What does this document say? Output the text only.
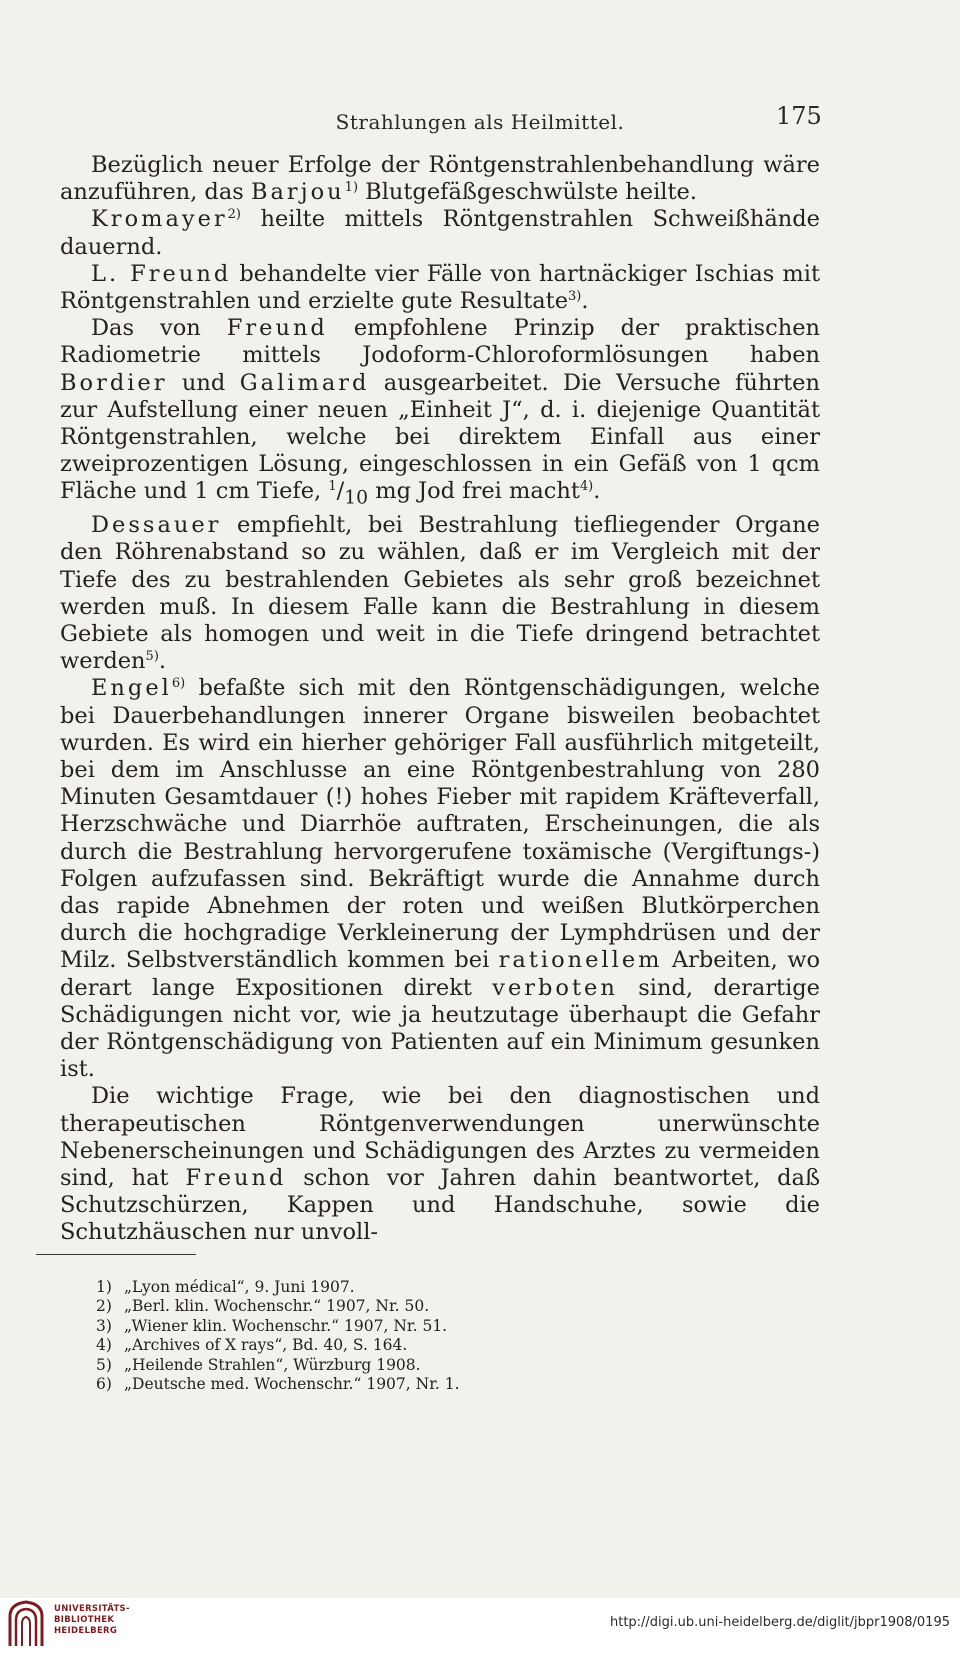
Strahlungen als Heilmittel.	175

Bezüglich neuer Erfolge der Röntgenstrahlenbehandlung wäre anzuführen, das Barjou$^{1)}$ Blutgefäßgeschwülste heilte.

Kromayer$^{2)}$ heilte mittels Röntgenstrahlen Schweißhände dauernd.

L. Freund behandelte vier Fälle von hartnäckiger Ischias mit Röntgenstrahlen und erzielte gute Resultate$^{3)}$.

Das von Freund empfohlene Prinzip der praktischen Radiometrie mittels Jodoform-Chloroformlösungen haben Bordier und Galimard ausgearbeitet. Die Versuche führten zur Aufstellung einer neuen „Einheit J“, d. i. diejenige Quantität Röntgenstrahlen, welche bei direktem Einfall aus einer zweiprozentigen Lösung, eingeschlossen in ein Gefäß von 1 qcm Fläche und 1 cm Tiefe, $^1/_{10}$ mg Jod frei macht$^{4)}$.

Dessauer empfiehlt, bei Bestrahlung tiefliegender Organe den Röhrenabstand so zu wählen, daß er im Vergleich mit der Tiefe des zu bestrahlenden Gebietes als sehr groß bezeichnet werden muß. In diesem Falle kann die Bestrahlung in diesem Gebiete als homogen und weit in die Tiefe dringend betrachtet werden$^{5)}$.

Engel$^{6)}$ befaßte sich mit den Röntgenschädigungen, welche bei Dauerbehandlungen innerer Organe bisweilen beobachtet wurden. Es wird ein hierher gehöriger Fall ausführlich mitgeteilt, bei dem im Anschlusse an eine Röntgenbestrahlung von 280 Minuten Gesamtdauer (!) hohes Fieber mit rapidem Kräfteverfall, Herzschwäche und Diarrhöe auftraten, Erscheinungen, die als durch die Bestrahlung hervorgerufene toxämische (Vergiftungs-) Folgen aufzufassen sind. Bekräftigt wurde die Annahme durch das rapide Abnehmen der roten und weißen Blutkörperchen durch die hochgradige Verkleinerung der Lymphdrüsen und der Milz. Selbstverständlich kommen bei rationellem Arbeiten, wo derart lange Expositionen direkt verboten sind, derartige Schädigungen nicht vor, wie ja heutzutage überhaupt die Gefahr der Röntgenschädigung von Patienten auf ein Minimum gesunken ist.

Die wichtige Frage, wie bei den diagnostischen und therapeutischen Röntgenverwendungen unerwünschte Nebenerscheinungen und Schädigungen des Arztes zu vermeiden sind, hat Freund schon vor Jahren dahin beantwortet, daß Schutzschürzen, Kappen und Handschuhe, sowie die Schutzhäuschen nur unvoll-

1) „Lyon médical“, 9. Juni 1907.
2) „Berl. klin. Wochenschr.“ 1907, Nr. 50.
3) „Wiener klin. Wochenschr.“ 1907, Nr. 51.
4) „Archives of X rays“, Bd. 40, S. 164.
5) „Heilende Strahlen“, Würzburg 1908.
6) „Deutsche med. Wochenschr.“ 1907, Nr. 1.
UNIVERSITÄTS-
BIBLIOTHEK
HEIDELBERG
http://digi.ub.uni-heidelberg.de/diglit/jbpr1908/0195
